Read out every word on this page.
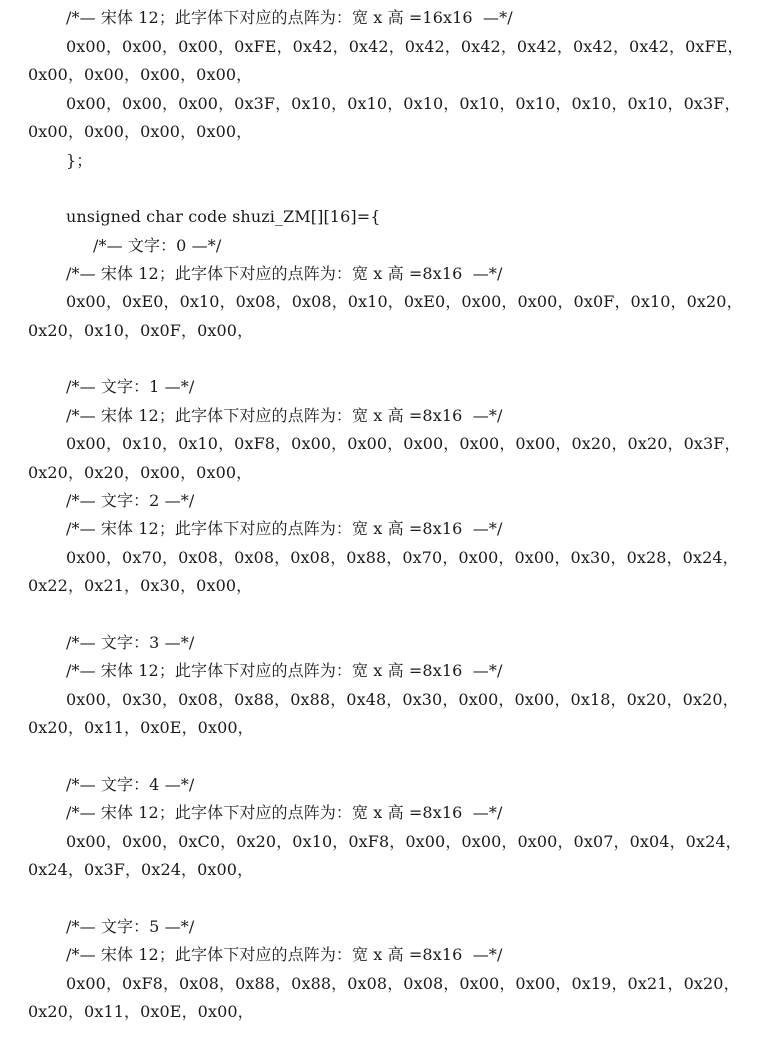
/*— 宋体 12；此字体下对应的点阵为：宽 x 高 =16x16  —*/
0x00，0x00，0x00，0xFE，0x42，0x42，0x42，0x42，0x42，0x42，0x42，0xFE，
0x00，0x00，0x00，0x00，
0x00，0x00，0x00，0x3F，0x10，0x10，0x10，0x10，0x10，0x10，0x10，0x3F，
0x00，0x00，0x00，0x00，
}；
unsigned char code shuzi_ZM[][16]={
/*— 文字：0 —*/
/*— 宋体 12；此字体下对应的点阵为：宽 x 高 =8x16  —*/
0x00，0xE0，0x10，0x08，0x08，0x10，0xE0，0x00，0x00，0x0F，0x10，0x20，
0x20，0x10，0x0F，0x00，
/*— 文字：1 —*/
/*— 宋体 12；此字体下对应的点阵为：宽 x 高 =8x16  —*/
0x00，0x10，0x10，0xF8，0x00，0x00，0x00，0x00，0x00，0x20，0x20，0x3F，
0x20，0x20，0x00，0x00，
/*— 文字：2 —*/
/*— 宋体 12；此字体下对应的点阵为：宽 x 高 =8x16  —*/
0x00，0x70，0x08，0x08，0x08，0x88，0x70，0x00，0x00，0x30，0x28，0x24，
0x22，0x21，0x30，0x00，
/*— 文字：3 —*/
/*— 宋体 12；此字体下对应的点阵为：宽 x 高 =8x16  —*/
0x00，0x30，0x08，0x88，0x88，0x48，0x30，0x00，0x00，0x18，0x20，0x20，
0x20，0x11，0x0E，0x00，
/*— 文字：4 —*/
/*— 宋体 12；此字体下对应的点阵为：宽 x 高 =8x16  —*/
0x00，0x00，0xC0，0x20，0x10，0xF8，0x00，0x00，0x00，0x07，0x04，0x24，
0x24，0x3F，0x24，0x00，
/*— 文字：5 —*/
/*— 宋体 12；此字体下对应的点阵为：宽 x 高 =8x16  —*/
0x00，0xF8，0x08，0x88，0x88，0x08，0x08，0x00，0x00，0x19，0x21，0x20，
0x20，0x11，0x0E，0x00，
